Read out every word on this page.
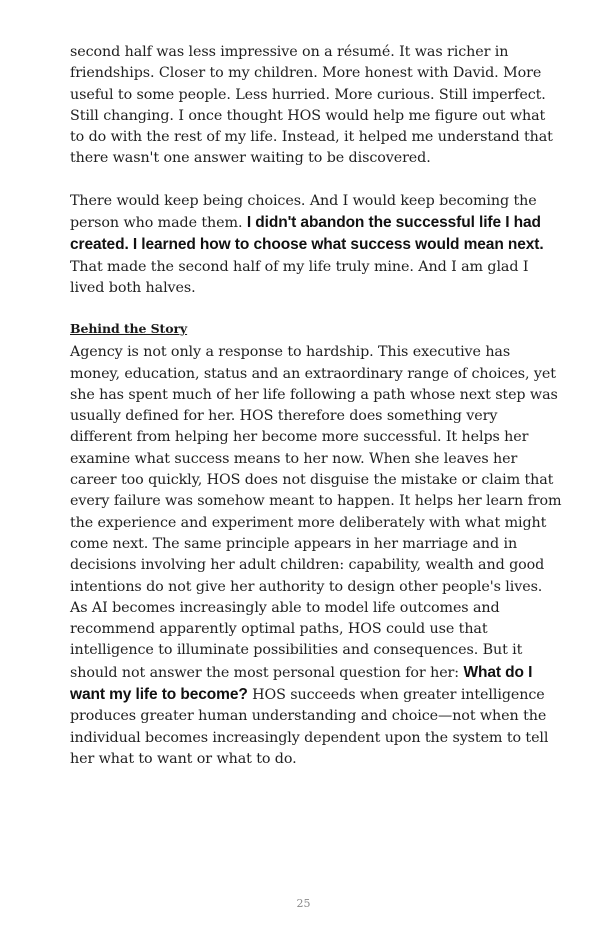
second half was less impressive on a résumé. It was richer in friendships. Closer to my children. More honest with David. More useful to some people. Less hurried. More curious. Still imperfect. Still changing. I once thought HOS would help me figure out what to do with the rest of my life. Instead, it helped me understand that there wasn't one answer waiting to be discovered.

There would keep being choices. And I would keep becoming the person who made them. I didn't abandon the successful life I had created. I learned how to choose what success would mean next. That made the second half of my life truly mine. And I am glad I lived both halves.

Behind the Story

Agency is not only a response to hardship. This executive has money, education, status and an extraordinary range of choices, yet she has spent much of her life following a path whose next step was usually defined for her. HOS therefore does something very different from helping her become more successful. It helps her examine what success means to her now. When she leaves her career too quickly, HOS does not disguise the mistake or claim that every failure was somehow meant to happen. It helps her learn from the experience and experiment more deliberately with what might come next. The same principle appears in her marriage and in decisions involving her adult children: capability, wealth and good intentions do not give her authority to design other people's lives. As AI becomes increasingly able to model life outcomes and recommend apparently optimal paths, HOS could use that intelligence to illuminate possibilities and consequences. But it should not answer the most personal question for her: What do I want my life to become? HOS succeeds when greater intelligence produces greater human understanding and choice—not when the individual becomes increasingly dependent upon the system to tell her what to want or what to do.

25
